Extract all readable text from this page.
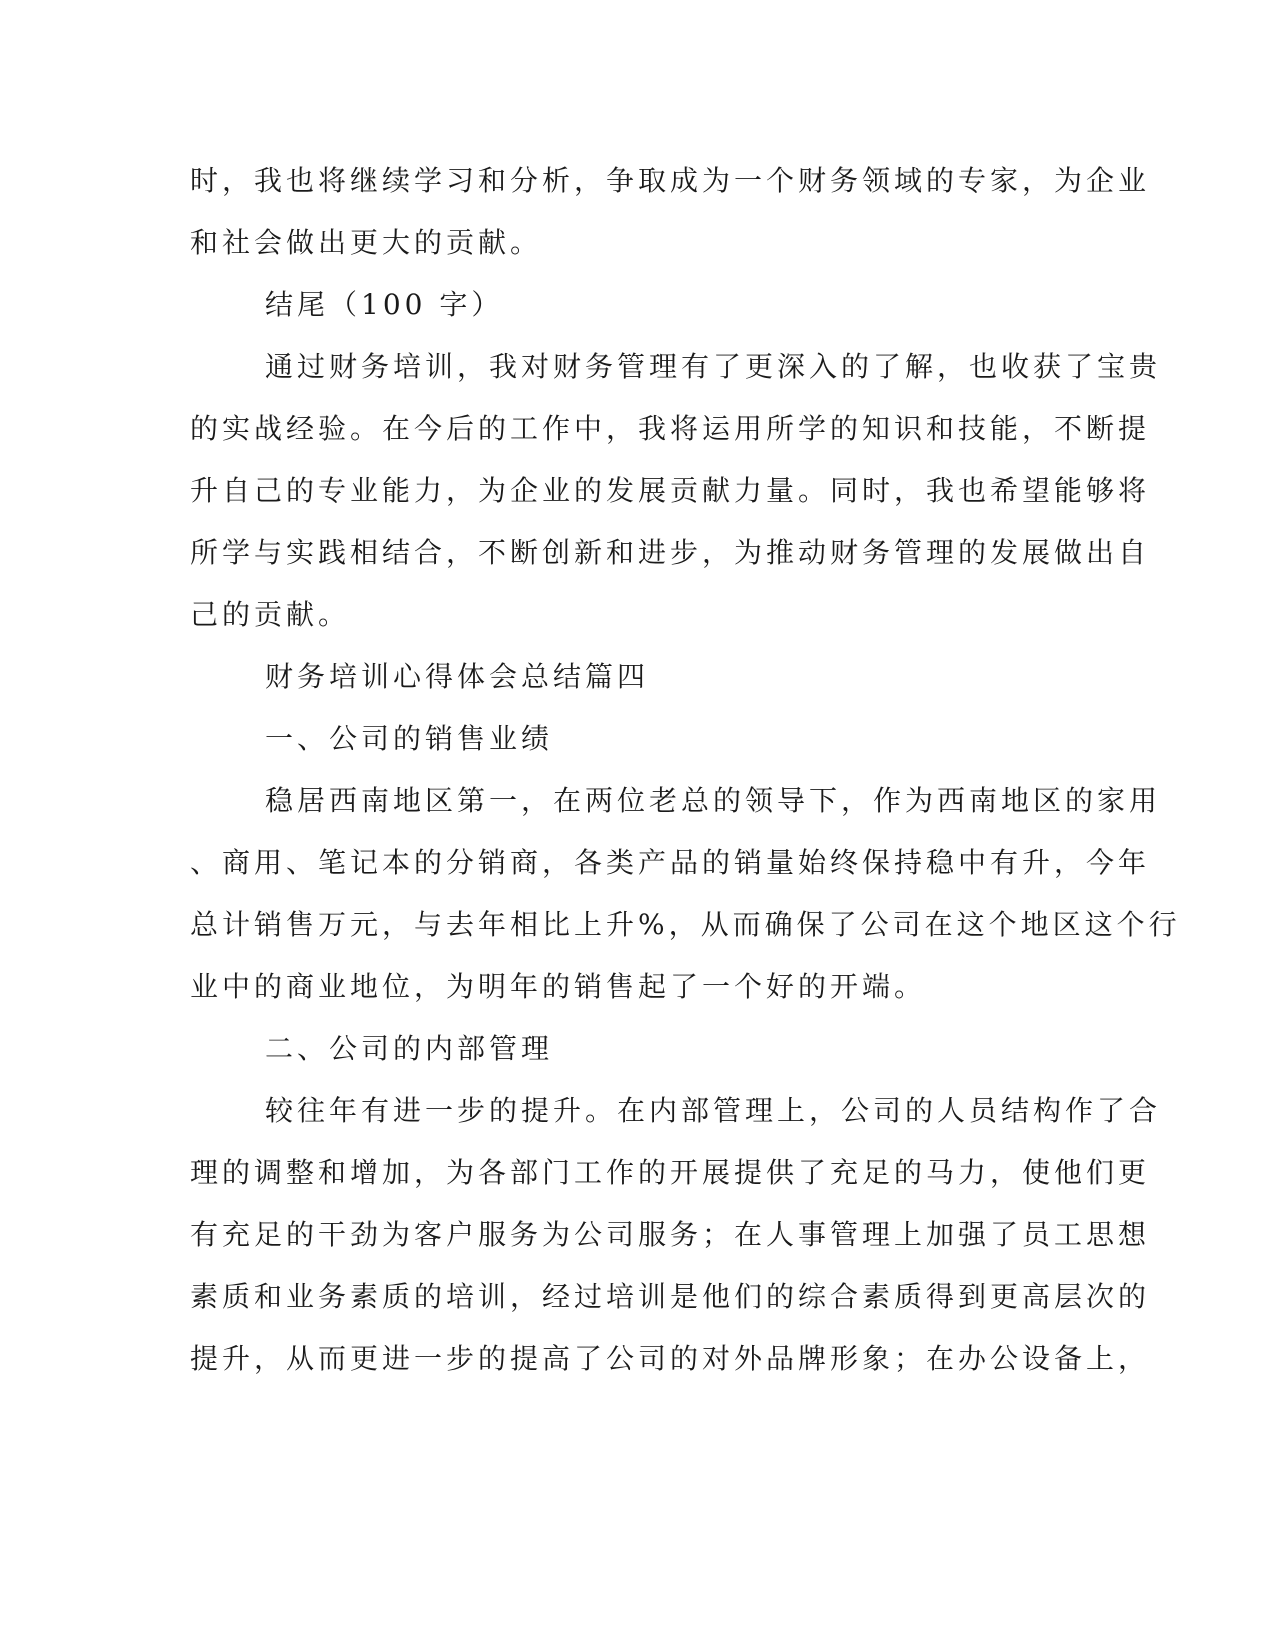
时，我也将继续学习和分析，争取成为一个财务领域的专家，为企业
和社会做出更大的贡献。
结尾（100 字）
通过财务培训，我对财务管理有了更深入的了解，也收获了宝贵
的实战经验。在今后的工作中，我将运用所学的知识和技能，不断提
升自己的专业能力，为企业的发展贡献力量。同时，我也希望能够将
所学与实践相结合，不断创新和进步，为推动财务管理的发展做出自
己的贡献。
财务培训心得体会总结篇四
一、公司的销售业绩
稳居西南地区第一，在两位老总的领导下，作为西南地区的家用
、商用、笔记本的分销商，各类产品的销量始终保持稳中有升，今年
总计销售万元，与去年相比上升%，从而确保了公司在这个地区这个行
业中的商业地位，为明年的销售起了一个好的开端。
二、公司的内部管理
较往年有进一步的提升。在内部管理上，公司的人员结构作了合
理的调整和增加，为各部门工作的开展提供了充足的马力，使他们更
有充足的干劲为客户服务为公司服务；在人事管理上加强了员工思想
素质和业务素质的培训，经过培训是他们的综合素质得到更高层次的
提升，从而更进一步的提高了公司的对外品牌形象；在办公设备上，
